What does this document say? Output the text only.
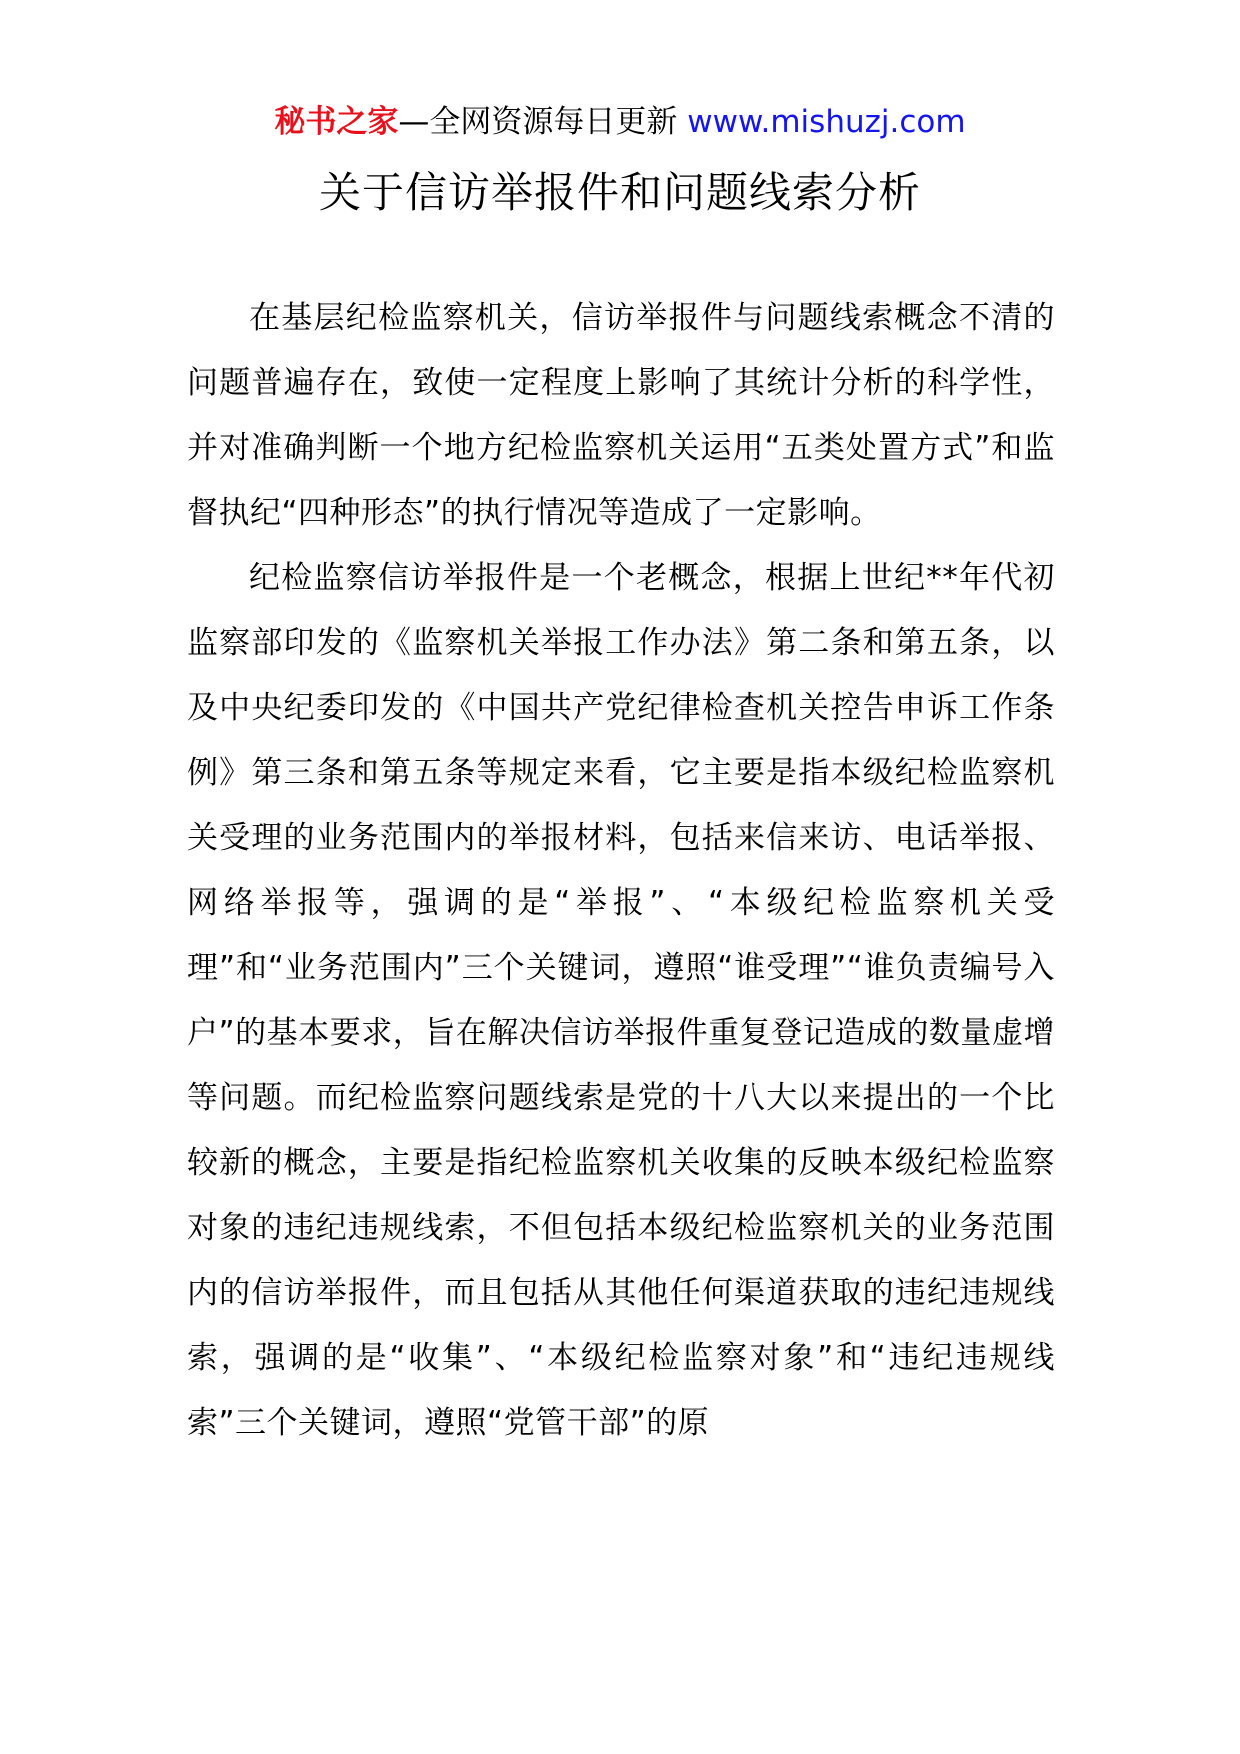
秘书之家—全网资源每日更新 www.mishuzj.com
关于信访举报件和问题线索分析

在基层纪检监察机关，信访举报件与问题线索概念不清的问题普遍存在，致使一定程度上影响了其统计分析的科学性，并对准确判断一个地方纪检监察机关运用“五类处置方式”和监督执纪“四种形态”的执行情况等造成了一定影响。

纪检监察信访举报件是一个老概念，根据上世纪**年代初监察部印发的《监察机关举报工作办法》第二条和第五条，以及中央纪委印发的《中国共产党纪律检查机关控告申诉工作条例》第三条和第五条等规定来看，它主要是指本级纪检监察机关受理的业务范围内的举报材料，包括来信来访、电话举报、网络举报等，强调的是“举报”、“本级纪检监察机关受理”和“业务范围内”三个关键词，遵照“谁受理”“谁负责编号入户”的基本要求，旨在解决信访举报件重复登记造成的数量虚增等问题。而纪检监察问题线索是党的十八大以来提出的一个比较新的概念，主要是指纪检监察机关收集的反映本级纪检监察对象的违纪违规线索，不但包括本级纪检监察机关的业务范围内的信访举报件，而且包括从其他任何渠道获取的违纪违规线索，强调的是“收集”、“本级纪检监察对象”和“违纪违规线索”三个关键词，遵照“党管干部”的原
